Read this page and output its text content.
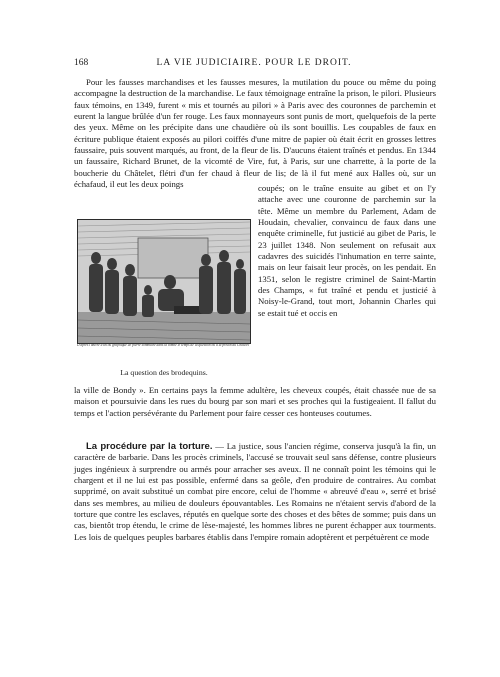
168	LA VIE JUDICIAIRE. POUR LE DROIT.

Pour les fausses marchandises et les fausses mesures, la mutilation du pouce ou même du poing accompagne la destruction de la marchandise. Le faux témoignage entraîne la prison, le pilori. Plusieurs faux témoins, en 1349, furent « mis et tournés au pilori » à Paris avec des couronnes de parchemin et eurent la langue brûlée d'un fer rouge. Les faux monnayeurs sont punis de mort, quelquefois de la perte des yeux. Même on les précipite dans une chaudière où ils sont bouillis. Les coupables de faux en écriture publique étaient exposés au pilori coiffés d'une mitre de papier où était écrit en grosses lettres faussaire, puis souvent marqués, au front, de la fleur de lis. D'aucuns étaient traînés et pendus. En 1344 un faussaire, Richard Brunet, de la vicomté de Vire, fut, à Paris, sur une charrette, à la porte de la boucherie du Châtelet, flétri d'un fer chaud à fleur de lis; de là il fut mené aux Halles où, sur un échafaud, il eut les deux poings

D'après l'œuvre d'un ou graphique de pierre sommaire dans la tombe le temps de la question ou à la prison du Châtelet
La question des brodequins.

coupés; on le traîne ensuite au gibet et on l'y attache avec une couronne de parchemin sur la tête. Même un membre du Parlement, Adam de Houdain, chevalier, convaincu de faux dans une enquête criminelle, fut justicié au gibet de Paris, le 23 juillet 1348. Non seulement on refusait aux cadavres des suicidés l'inhumation en terre sainte, mais on leur faisait leur procès, on les pendait. En 1351, selon le registre criminel de Saint-Martin des Champs, « fut traîné et pendu et justicié à Noisy-le-Grand, tout mort, Johannin Charles qui se estait tué et occis en

la ville de Bondy ». En certains pays la femme adultère, les cheveux coupés, était chassée nue de sa maison et poursuivie dans les rues du bourg par son mari et ses proches qui la fustigeaient. Il fallut du temps et l'action persévérante du Parlement pour faire cesser ces honteuses coutumes.

La procédure par la torture. — La justice, sous l'ancien régime, conserva jusqu'à la fin, un caractère de barbarie. Dans les procès criminels, l'accusé se trouvait seul sans défense, contre plusieurs juges ingénieux à surprendre ou armés pour arracher ses aveux. Il ne connaît point les témoins qui le chargent et il ne lui est pas possible, enfermé dans sa geôle, d'en produire de contraires. Au combat supprimé, on avait substitué un combat pire encore, celui de l'homme « abreuvé d'eau », serré et brisé dans ses membres, au milieu de douleurs épouvantables. Les Romains ne n'étaient servis d'abord de la torture que contre les esclaves, réputés en quelque sorte des choses et des bêtes de somme; puis dans un cas, bientôt trop étendu, le crime de lèse-majesté, les hommes libres ne purent échapper aux tourments. Les lois de quelques peuples barbares établis dans l'empire romain adoptèrent et perpétuèrent ce mode
